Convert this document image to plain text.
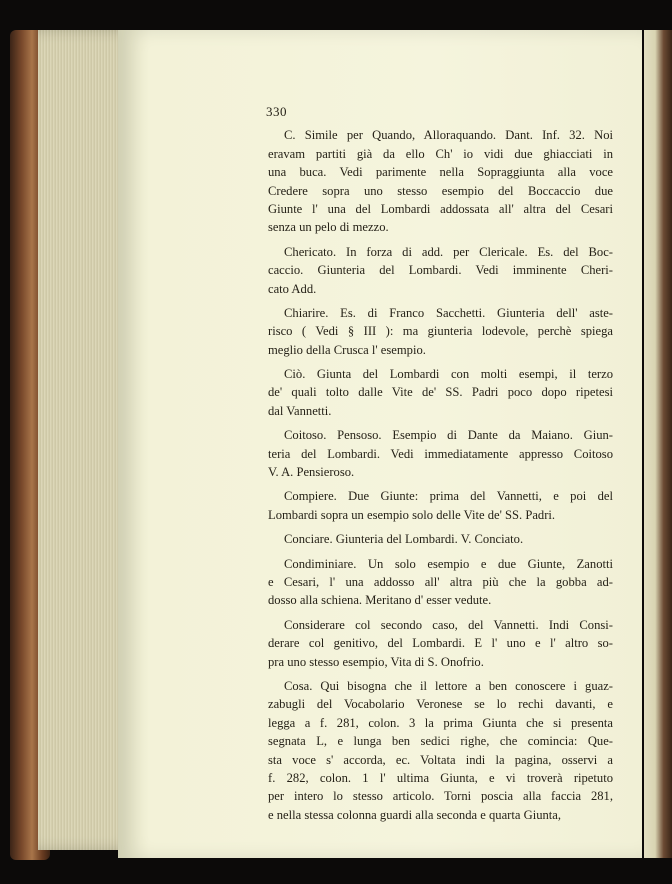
330
C. Simile per Quando, Alloraquando. Dant. Inf. 32. Noi
eravam partiti già da ello Ch' io vidi due ghiacciati in
una buca. Vedi parimente nella Sopraggiunta alla voce
Credere sopra uno stesso esempio del Boccaccio due
Giunte l' una del Lombardi addossata all' altra del Cesari
senza un pelo di mezzo.
Chericato. In forza di add. per Clericale. Es. del Boc-
caccio. Giunteria del Lombardi. Vedi imminente Cheri-
cato Add.
Chiarire. Es. di Franco Sacchetti. Giunteria dell' aste-
risco ( Vedi § III ): ma giunteria lodevole, perchè spiega
meglio della Crusca l' esempio.
Ciò. Giunta del Lombardi con molti esempi, il terzo
de' quali tolto dalle Vite de' SS. Padri poco dopo ripetesi
dal Vannetti.
Coitoso. Pensoso. Esempio di Dante da Maiano. Giun-
teria del Lombardi. Vedi immediatamente appresso Coitoso
V. A. Pensieroso.
Compiere. Due Giunte: prima del Vannetti, e poi del
Lombardi sopra un esempio solo delle Vite de' SS. Padri.
Conciare. Giunteria del Lombardi. V. Conciato.
Condiminiare. Un solo esempio e due Giunte, Zanotti
e Cesari, l' una addosso all' altra più che la gobba ad-
dosso alla schiena. Meritano d' esser vedute.
Considerare col secondo caso, del Vannetti. Indi Consi-
derare col genitivo, del Lombardi. E l' uno e l' altro so-
pra uno stesso esempio, Vita di S. Onofrio.
Cosa. Qui bisogna che il lettore a ben conoscere i guaz-
zabugli del Vocabolario Veronese se lo rechi davanti, e
legga a f. 281, colon. 3 la prima Giunta che si presenta
segnata L, e lunga ben sedici righe, che comincia: Que-
sta voce s' accorda, ec. Voltata indi la pagina, osservi a
f. 282, colon. 1 l' ultima Giunta, e vi troverà ripetuto
per intero lo stesso articolo. Torni poscia alla faccia 281,
e nella stessa colonna guardi alla seconda e quarta Giunta,
